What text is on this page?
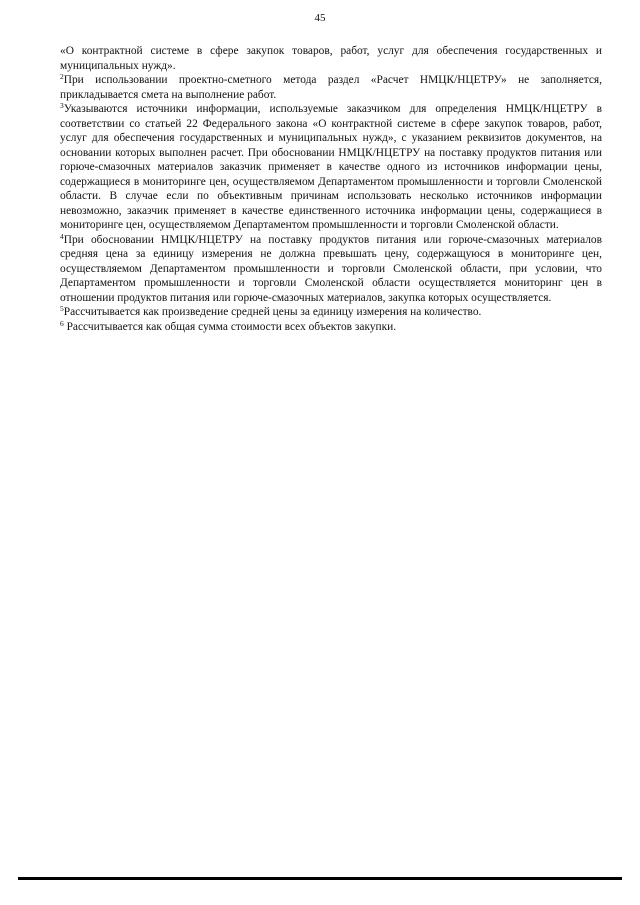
45

«О контрактной системе в сфере закупок товаров, работ, услуг для обеспечения государственных и муниципальных нужд».

$^2$При использовании проектно-сметного метода раздел «Расчет НМЦК/НЦЕТРУ» не заполняется, прикладывается смета на выполнение работ.

$^3$Указываются источники информации, используемые заказчиком для определения НМЦК/НЦЕТРУ в соответствии со статьей 22 Федерального закона «О контрактной системе в сфере закупок товаров, работ, услуг для обеспечения государственных и муниципальных нужд», с указанием реквизитов документов, на основании которых выполнен расчет. При обосновании НМЦК/НЦЕТРУ на поставку продуктов питания или горюче-смазочных материалов заказчик применяет в качестве одного из источников информации цены, содержащиеся в мониторинге цен, осуществляемом Департаментом промышленности и торговли Смоленской области. В случае если по объективным причинам использовать несколько источников информации невозможно, заказчик применяет в качестве единственного источника информации цены, содержащиеся в мониторинге цен, осуществляемом Департаментом промышленности и торговли Смоленской области.

$^4$При обосновании НМЦК/НЦЕТРУ на поставку продуктов питания или горюче-смазочных материалов средняя цена за единицу измерения не должна превышать цену, содержащуюся в мониторинге цен, осуществляемом Департаментом промышленности и торговли Смоленской области, при условии, что Департаментом промышленности и торговли Смоленской области осуществляется мониторинг цен в отношении продуктов питания или горюче-смазочных материалов, закупка которых осуществляется.

$^5$Рассчитывается как произведение средней цены за единицу измерения на количество.

$^6$ Рассчитывается как общая сумма стоимости всех объектов закупки.
